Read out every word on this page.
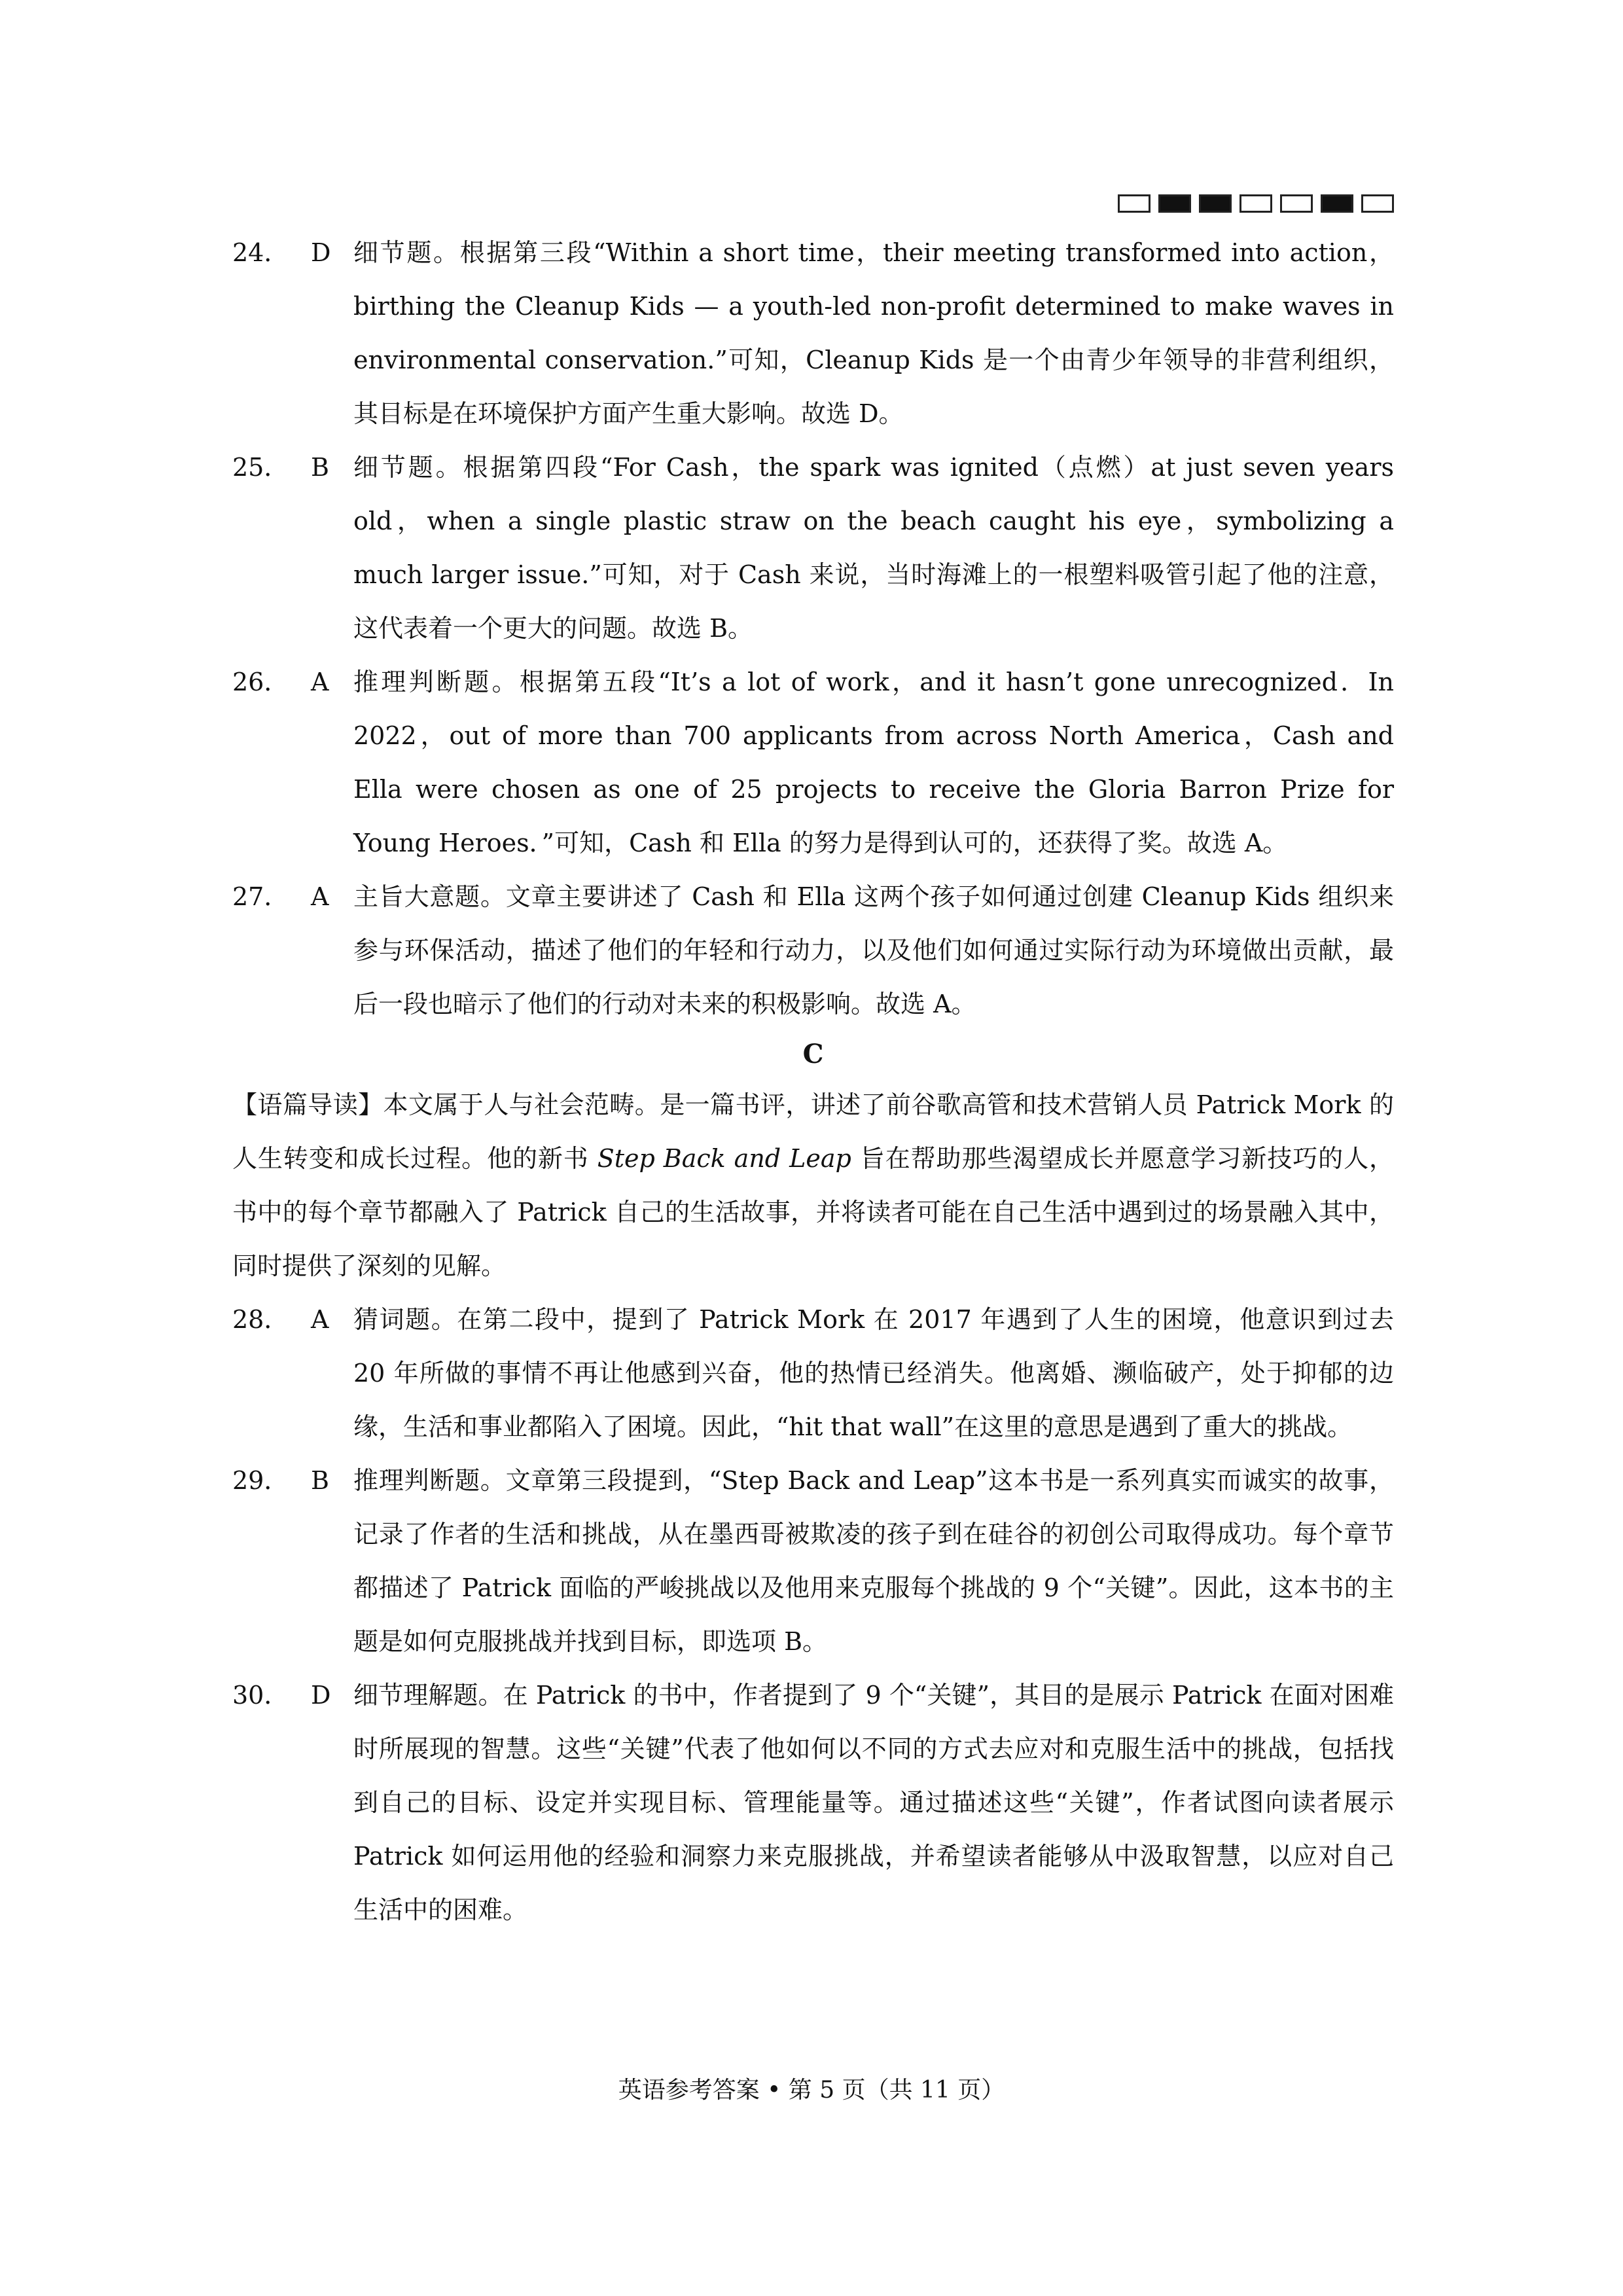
24． D 细节题。根据第三段“Within a short time，their meeting transformed into action，birthing the Cleanup Kids — a youth-led non-profit determined to make waves in environmental conservation.”可知，Cleanup Kids 是一个由青少年领导的非营利组织，其目标是在环境保护方面产生重大影响。故选 D。
25． B 细节题。根据第四段“For Cash，the spark was ignited（点燃）at just seven years old，when a single plastic straw on the beach caught his eye，symbolizing a much larger issue.”可知，对于 Cash 来说，当时海滩上的一根塑料吸管引起了他的注意，这代表着一个更大的问题。故选 B。
26． A 推理判断题。根据第五段“It’s a lot of work，and it hasn’t gone unrecognized．In 2022，out of more than 700 applicants from across North America，Cash and Ella were chosen as one of 25 projects to receive the Gloria Barron Prize for Young Heroes．”可知，Cash 和 Ella 的努力是得到认可的，还获得了奖。故选 A。
27． A 主旨大意题。文章主要讲述了 Cash 和 Ella 这两个孩子如何通过创建 Cleanup Kids 组织来参与环保活动，描述了他们的年轻和行动力，以及他们如何通过实际行动为环境做出贡献，最后一段也暗示了他们的行动对未来的积极影响。故选 A。
C
【语篇导读】本文属于人与社会范畴。是一篇书评，讲述了前谷歌高管和技术营销人员 Patrick Mork 的人生转变和成长过程。他的新书 Step Back and Leap 旨在帮助那些渴望成长并愿意学习新技巧的人，书中的每个章节都融入了 Patrick 自己的生活故事，并将读者可能在自己生活中遇到过的场景融入其中，同时提供了深刻的见解。
28． A 猜词题。在第二段中，提到了 Patrick Mork 在 2017 年遇到了人生的困境，他意识到过去 20 年所做的事情不再让他感到兴奋，他的热情已经消失。他离婚、濒临破产，处于抑郁的边缘，生活和事业都陷入了困境。因此，“hit that wall”在这里的意思是遇到了重大的挑战。
29． B 推理判断题。文章第三段提到，“Step Back and Leap”这本书是一系列真实而诚实的故事，记录了作者的生活和挑战，从在墨西哥被欺凌的孩子到在硅谷的初创公司取得成功。每个章节都描述了 Patrick 面临的严峻挑战以及他用来克服每个挑战的 9 个“关键”。因此，这本书的主题是如何克服挑战并找到目标，即选项 B。
30． D 细节理解题。在 Patrick 的书中，作者提到了 9 个“关键”，其目的是展示 Patrick 在面对困难时所展现的智慧。这些“关键”代表了他如何以不同的方式去应对和克服生活中的挑战，包括找到自己的目标、设定并实现目标、管理能量等。通过描述这些“关键”，作者试图向读者展示 Patrick 如何运用他的经验和洞察力来克服挑战，并希望读者能够从中汲取智慧，以应对自己生活中的困难。
英语参考答案 • 第 5 页（共 11 页）
